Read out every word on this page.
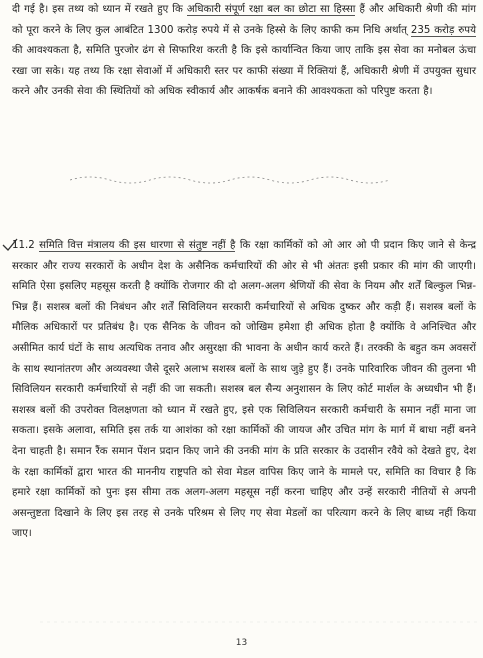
दी गई है। इस तथ्य को ध्यान में रखते हुए कि अधिकारी संपूर्ण रक्षा बल का छोटा सा हिस्सा हैं और अधिकारी श्रेणी की मांग को पूरा करने के लिए कुल आबंटित 1300 करोड़ रुपये में से उनके हिस्से के लिए काफी कम निधि अर्थात् 235 करोड़ रुपये की आवश्यकता है, समिति पुरजोर ढंग से सिफारिश करती है कि इसे कार्यान्वित किया जाए ताकि इस सेवा का मनोबल ऊंचा रखा जा सके। यह तथ्य कि रक्षा सेवाओं में अधिकारी स्तर पर काफी संख्या में रिक्तियां हैं, अधिकारी श्रेणी में उपयुक्त सुधार करने और उनकी सेवा की स्थितियों को अधिक स्वीकार्य और आकर्षक बनाने की आवश्यकता को परिपुष्ट करता है।

11.2 समिति वित्त मंत्रालय की इस धारणा से संतुष्ट नहीं है कि रक्षा कार्मिकों को ओ आर ओ पी प्रदान किए जाने से केन्द्र सरकार और राज्य सरकारों के अधीन देश के असैनिक कर्मचारियों की ओर से भी अंततः इसी प्रकार की मांग की जाएगी। समिति ऐसा इसलिए महसूस करती है क्योंकि रोजगार की दो अलग-अलग श्रेणियों की सेवा के नियम और शर्तें बिल्कुल भिन्न-भिन्न हैं। सशस्त्र बलों की निबंधन और शर्तें सिविलियन सरकारी कर्मचारियों से अधिक दुष्कर और कड़ी हैं। सशस्त्र बलों के मौलिक अधिकारों पर प्रतिबंध है। एक सैनिक के जीवन को जोखिम हमेशा ही अधिक होता है क्योंकि वे अनिश्चित और असीमित कार्य घंटों के साथ अत्यधिक तनाव और असुरक्षा की भावना के अधीन कार्य करते हैं। तरक्की के बहुत कम अवसरों के साथ स्थानांतरण और अव्यवस्था जैसे दूसरे अलाभ सशस्त्र बलों के साथ जुड़े हुए हैं। उनके पारिवारिक जीवन की तुलना भी सिविलियन सरकारी कर्मचारियों से नहीं की जा सकती। सशस्त्र बल सैन्य अनुशासन के लिए कोर्ट मार्शल के अध्यधीन भी हैं। सशस्त्र बलों की उपरोक्त विलक्षणता को ध्यान में रखते हुए, इसे एक सिविलियन सरकारी कर्मचारी के समान नहीं माना जा सकता। इसके अलावा, समिति इस तर्क या आशंका को रक्षा कार्मिकों की जायज और उचित मांग के मार्ग में बाधा नहीं बनने देना चाहती है। समान रैंक समान पेंशन प्रदान किए जाने की उनकी मांग के प्रति सरकार के उदासीन रवैये को देखते हुए, देश के रक्षा कार्मिकों द्वारा भारत की माननीय राष्ट्रपति को सेवा मेडल वापिस किए जाने के मामले पर, समिति का विचार है कि हमारे रक्षा कार्मिकों को पुनः इस सीमा तक अलग-अलग महसूस नहीं करना चाहिए और उन्हें सरकारी नीतियों से अपनी असन्तुष्टता दिखाने के लिए इस तरह से उनके परिश्रम से लिए गए सेवा मेडलों का परित्याग करने के लिए बाध्य नहीं किया जाए।

13
